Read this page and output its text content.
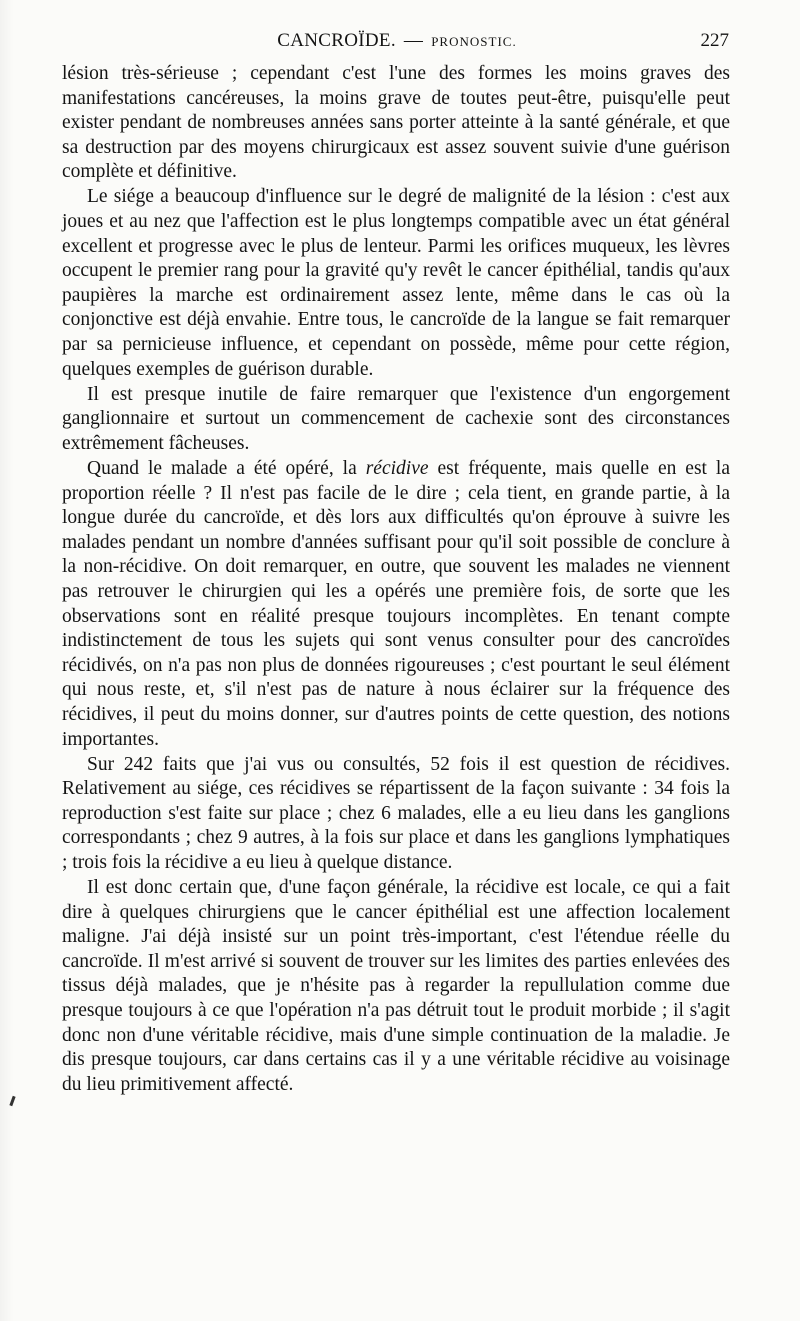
CANCROÏDE. — PRONOSTIC.	227

lésion très-sérieuse ; cependant c'est l'une des formes les moins graves des manifestations cancéreuses, la moins grave de toutes peut-être, puisqu'elle peut exister pendant de nombreuses années sans porter atteinte à la santé générale, et que sa destruction par des moyens chirurgicaux est assez souvent suivie d'une guérison complète et définitive.

Le siége a beaucoup d'influence sur le degré de malignité de la lésion : c'est aux joues et au nez que l'affection est le plus longtemps compatible avec un état général excellent et progresse avec le plus de lenteur. Parmi les orifices muqueux, les lèvres occupent le premier rang pour la gravité qu'y revêt le cancer épithélial, tandis qu'aux paupières la marche est ordinairement assez lente, même dans le cas où la conjonctive est déjà envahie. Entre tous, le cancroïde de la langue se fait remarquer par sa pernicieuse influence, et cependant on possède, même pour cette région, quelques exemples de guérison durable.

Il est presque inutile de faire remarquer que l'existence d'un engorgement ganglionnaire et surtout un commencement de cachexie sont des circonstances extrêmement fâcheuses.

Quand le malade a été opéré, la récidive est fréquente, mais quelle en est la proportion réelle ? Il n'est pas facile de le dire ; cela tient, en grande partie, à la longue durée du cancroïde, et dès lors aux difficultés qu'on éprouve à suivre les malades pendant un nombre d'années suffisant pour qu'il soit possible de conclure à la non-récidive. On doit remarquer, en outre, que souvent les malades ne viennent pas retrouver le chirurgien qui les a opérés une première fois, de sorte que les observations sont en réalité presque toujours incomplètes. En tenant compte indistinctement de tous les sujets qui sont venus consulter pour des cancroïdes récidivés, on n'a pas non plus de données rigoureuses ; c'est pourtant le seul élément qui nous reste, et, s'il n'est pas de nature à nous éclairer sur la fréquence des récidives, il peut du moins donner, sur d'autres points de cette question, des notions importantes.

Sur 242 faits que j'ai vus ou consultés, 52 fois il est question de récidives. Relativement au siége, ces récidives se répartissent de la façon suivante : 34 fois la reproduction s'est faite sur place ; chez 6 malades, elle a eu lieu dans les ganglions correspondants ; chez 9 autres, à la fois sur place et dans les ganglions lymphatiques ; trois fois la récidive a eu lieu à quelque distance.

Il est donc certain que, d'une façon générale, la récidive est locale, ce qui a fait dire à quelques chirurgiens que le cancer épithélial est une affection localement maligne. J'ai déjà insisté sur un point très-important, c'est l'étendue réelle du cancroïde. Il m'est arrivé si souvent de trouver sur les limites des parties enlevées des tissus déjà malades, que je n'hésite pas à regarder la repullulation comme due presque toujours à ce que l'opération n'a pas détruit tout le produit morbide ; il s'agit donc non d'une véritable récidive, mais d'une simple continuation de la maladie. Je dis presque toujours, car dans certains cas il y a une véritable récidive au voisinage du lieu primitivement affecté.
